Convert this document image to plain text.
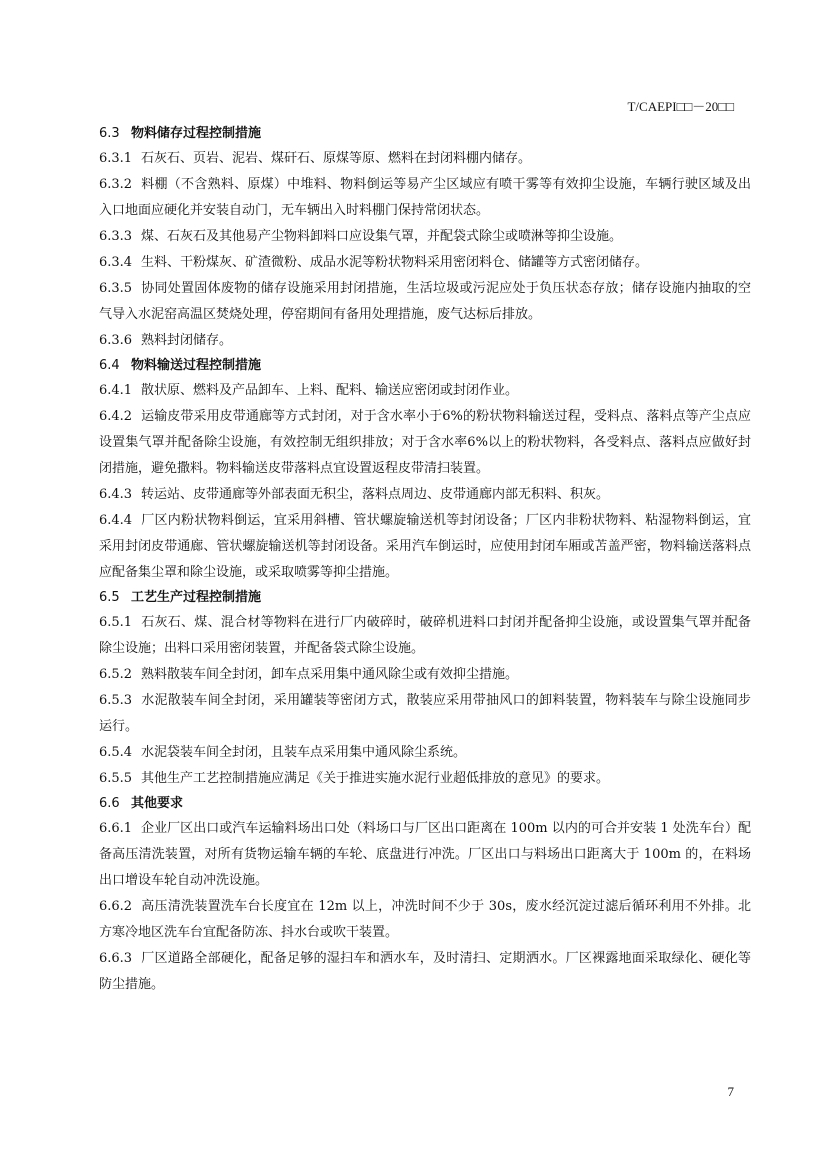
T/CAEPI□□－20□□
6.3 物料储存过程控制措施

6.3.1 石灰石、页岩、泥岩、煤矸石、原煤等原、燃料在封闭料棚内储存。

6.3.2 料棚（不含熟料、原煤）中堆料、物料倒运等易产尘区域应有喷干雾等有效抑尘设施，车辆行驶区域及出入口地面应硬化并安装自动门，无车辆出入时料棚门保持常闭状态。

6.3.3 煤、石灰石及其他易产尘物料卸料口应设集气罩，并配袋式除尘或喷淋等抑尘设施。

6.3.4 生料、干粉煤灰、矿渣微粉、成品水泥等粉状物料采用密闭料仓、储罐等方式密闭储存。

6.3.5 协同处置固体废物的储存设施采用封闭措施，生活垃圾或污泥应处于负压状态存放；储存设施内抽取的空气导入水泥窑高温区焚烧处理，停窑期间有备用处理措施，废气达标后排放。

6.3.6 熟料封闭储存。

6.4 物料输送过程控制措施

6.4.1 散状原、燃料及产品卸车、上料、配料、输送应密闭或封闭作业。

6.4.2 运输皮带采用皮带通廊等方式封闭，对于含水率小于6%的粉状物料输送过程，受料点、落料点等产尘点应设置集气罩并配备除尘设施，有效控制无组织排放；对于含水率6%以上的粉状物料，各受料点、落料点应做好封闭措施，避免撒料。物料输送皮带落料点宜设置返程皮带清扫装置。

6.4.3 转运站、皮带通廊等外部表面无积尘，落料点周边、皮带通廊内部无积料、积灰。

6.4.4 厂区内粉状物料倒运，宜采用斜槽、管状螺旋输送机等封闭设备；厂区内非粉状物料、粘湿物料倒运，宜采用封闭皮带通廊、管状螺旋输送机等封闭设备。采用汽车倒运时，应使用封闭车厢或苫盖严密，物料输送落料点应配备集尘罩和除尘设施，或采取喷雾等抑尘措施。

6.5 工艺生产过程控制措施

6.5.1 石灰石、煤、混合材等物料在进行厂内破碎时，破碎机进料口封闭并配备抑尘设施，或设置集气罩并配备除尘设施；出料口采用密闭装置，并配备袋式除尘设施。

6.5.2 熟料散装车间全封闭，卸车点采用集中通风除尘或有效抑尘措施。

6.5.3 水泥散装车间全封闭，采用罐装等密闭方式，散装应采用带抽风口的卸料装置，物料装车与除尘设施同步运行。

6.5.4 水泥袋装车间全封闭，且装车点采用集中通风除尘系统。

6.5.5 其他生产工艺控制措施应满足《关于推进实施水泥行业超低排放的意见》的要求。

6.6 其他要求

6.6.1 企业厂区出口或汽车运输料场出口处（料场口与厂区出口距离在 100m 以内的可合并安装 1 处洗车台）配备高压清洗装置，对所有货物运输车辆的车轮、底盘进行冲洗。厂区出口与料场出口距离大于 100m 的，在料场出口增设车轮自动冲洗设施。

6.6.2 高压清洗装置洗车台长度宜在 12m 以上，冲洗时间不少于 30s，废水经沉淀过滤后循环利用不外排。北方寒冷地区洗车台宜配备防冻、抖水台或吹干装置。

6.6.3 厂区道路全部硬化，配备足够的湿扫车和洒水车，及时清扫、定期洒水。厂区裸露地面采取绿化、硬化等防尘措施。

7
